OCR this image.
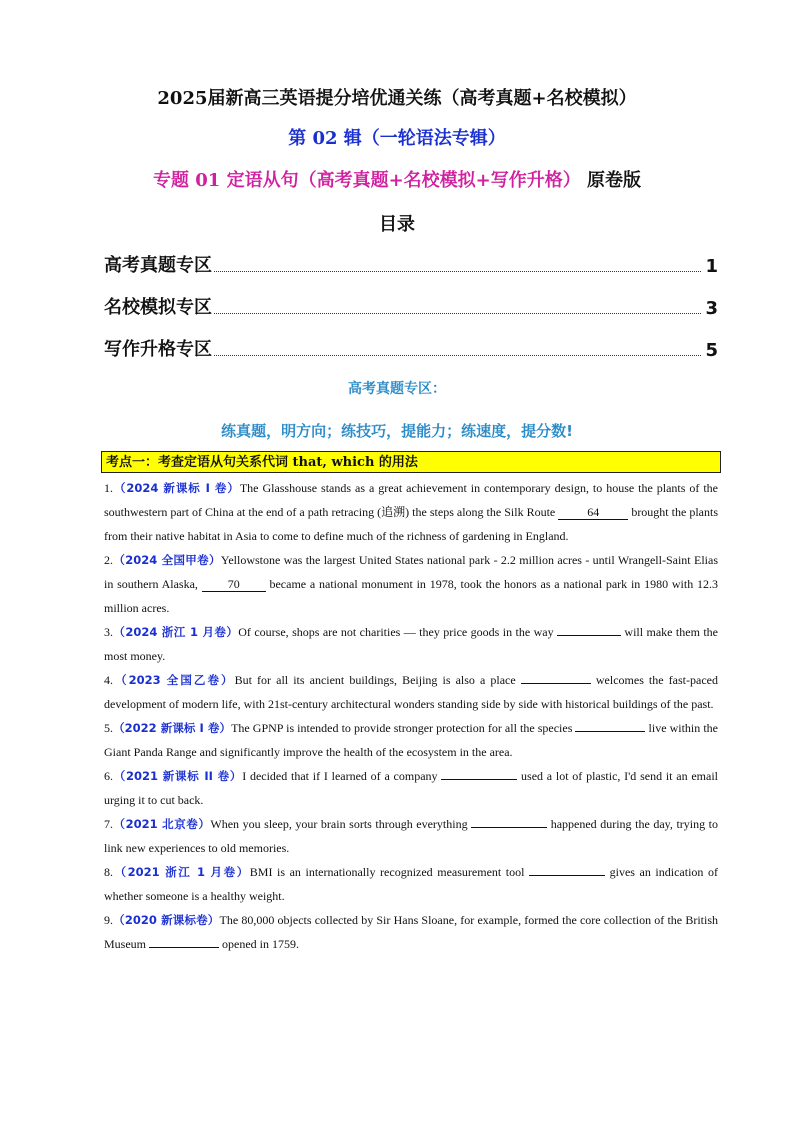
2025届新高三英语提分培优通关练（高考真题+名校模拟）
第 02 辑（一轮语法专辑）
专题 01 定语从句（高考真题+名校模拟+写作升格） 原卷版
目录
高考真题专区	1
名校模拟专区	3
写作升格专区	5
高考真题专区：
练真题，明方向；练技巧，提能力；练速度，提分数!
考点一：考查定语从句关系代词 that, which 的用法

1.（2024 新课标 I 卷）The Glasshouse stands as a great achievement in contemporary design, to house the plants of the southwestern part of China at the end of a path retracing (追溯) the steps along the Silk Route 64 brought the plants from their native habitat in Asia to come to define much of the richness of gardening in England.

2.（2024 全国甲卷）Yellowstone was the largest United States national park - 2.2 million acres - until Wrangell-Saint Elias in southern Alaska, 70 became a national monument in 1978, took the honors as a national park in 1980 with 12.3 million acres.

3.（2024 浙江 1 月卷）Of course, shops are not charities — they price goods in the way	will make them the most money.

4.（2023 全国乙卷）But for all its ancient buildings, Beijing is also a place	welcomes the fast-paced development of modern life, with 21st-century architectural wonders standing side by side with historical buildings of the past.

5.（2022 新课标 I 卷）The GPNP is intended to provide stronger protection for all the species	live within the Giant Panda Range and significantly improve the health of the ecosystem in the area.

6.（2021 新课标 II 卷）I decided that if I learned of a company	used a lot of plastic, I'd send it an email urging it to cut back.

7.（2021 北京卷）When you sleep, your brain sorts through everything	happened during the day, trying to link new experiences to old memories.

8.（2021 浙江 1 月卷）BMI is an internationally recognized measurement tool	gives an indication of whether someone is a healthy weight.

9.（2020 新课标卷）The 80,000 objects collected by Sir Hans Sloane, for example, formed the core collection of the British Museum	opened in 1759.
